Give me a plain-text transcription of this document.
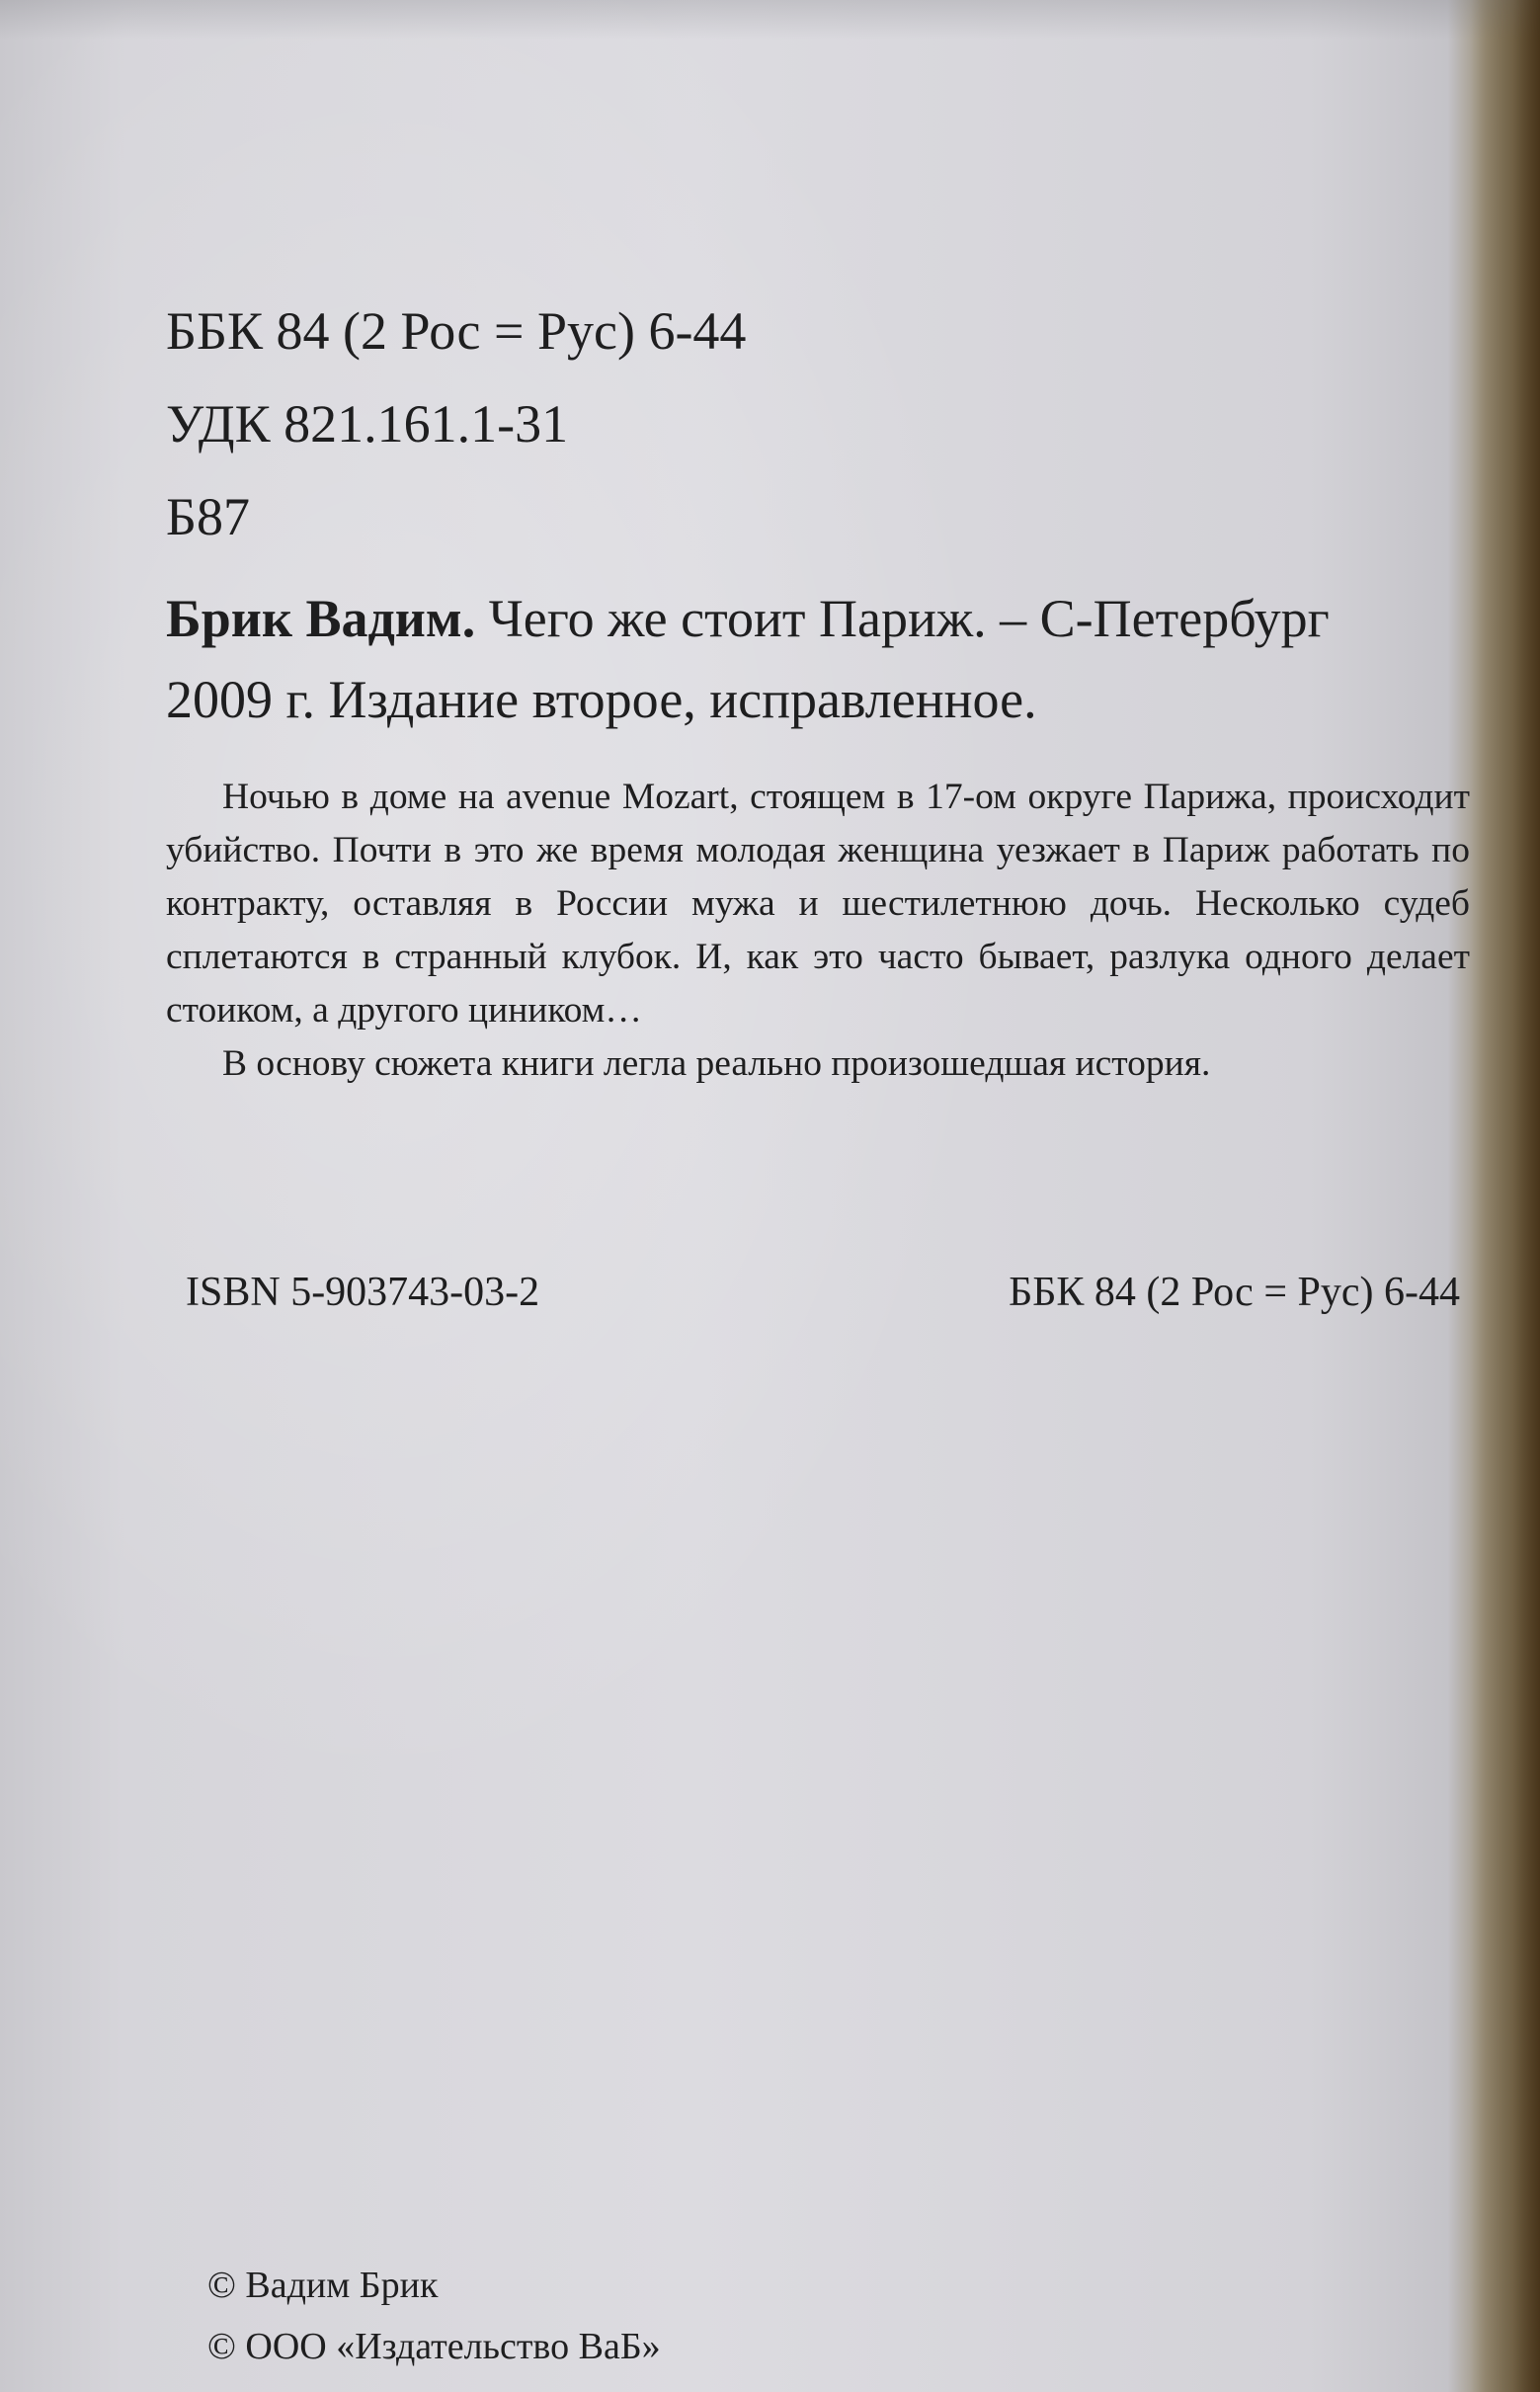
ББК 84 (2 Рос = Рус) 6-44
УДК 821.161.1-31
Б87
Брик Вадим. Чего же стоит Париж. – С-Петербург 2009 г. Издание второе, исправленное.

Ночью в доме на avenue Mozart, стоящем в 17-ом округе Парижа, происходит убийство. Почти в это же время молодая женщина уезжает в Париж работать по контракту, оставляя в России мужа и шестилетнюю дочь. Несколько судеб сплетаются в странный клубок. И, как это часто бывает, разлука одного делает стоиком, а другого циником…

В основу сюжета книги легла реально произошедшая история.

ISBN 5-903743-03-2	ББК 84 (2 Рос = Рус) 6-44
© Вадим Брик
© ООО «Издательство ВаБ»
